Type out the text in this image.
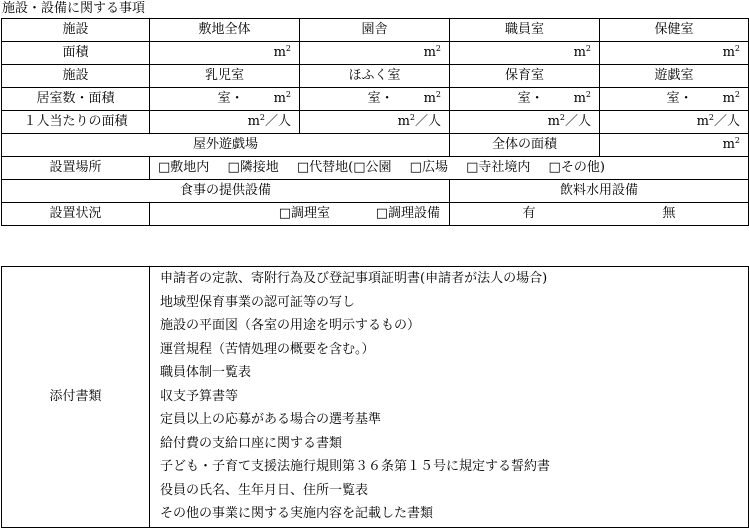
施設・設備に関する事項
施設	敷地全体	園舎	職員室	保健室
面積	$m^2$	$m^2$	$m^2$	$m^2$
施設	乳児室	ほふく室	保育室	遊戯室
居室数・面積	室・ $m^2$	室・ $m^2$	室・ $m^2$	室・ $m^2$
１人当たりの面積	$m^2/$人	$m^2/$人	$m^2/$人	$m^2/$人
屋外遊戯場			全体の面積	$m^2$
設置場所	□敷地内 □隣接地 □代替地(□公園 □広場 □寺社境内 □その他)			
食事の提供設備			飲料水用設備	
設置状況	□調理室 □調理設備		有 無	
添付書類	
申請者の定款、寄附行為及び登記事項証明書(申請者が法人の場合)
地域型保育事業の認可証等の写し
施設の平面図（各室の用途を明示するもの）
運営規程（苦情処理の概要を含む。）
職員体制一覧表
収支予算書等
定員以上の応募がある場合の選考基準
給付費の支給口座に関する書類
子ども・子育て支援法施行規則第３６条第１５号に規定する誓約書
役員の氏名、生年月日、住所一覧表
その他の事業に関する実施内容を記載した書類
